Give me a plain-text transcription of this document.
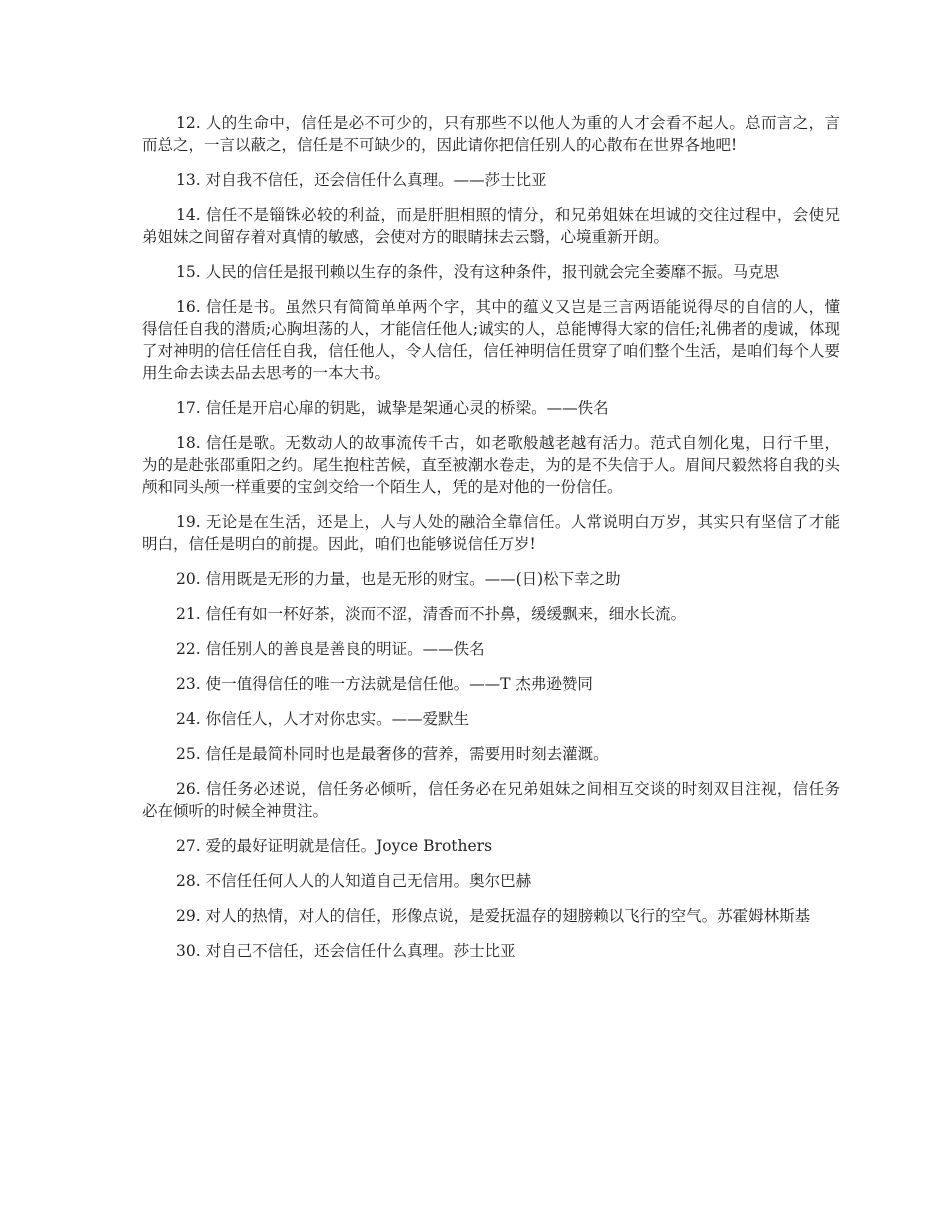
12. 人的生命中，信任是必不可少的，只有那些不以他人为重的人才会看不起人。总而言之，言而总之，一言以蔽之，信任是不可缺少的，因此请你把信任别人的心散布在世界各地吧!

13. 对自我不信任，还会信任什么真理。——莎士比亚

14. 信任不是锱铢必较的利益，而是肝胆相照的情分，和兄弟姐妹在坦诚的交往过程中，会使兄弟姐妹之间留存着对真情的敏感，会使对方的眼睛抹去云翳，心境重新开朗。

15. 人民的信任是报刊赖以生存的条件，没有这种条件，报刊就会完全萎靡不振。马克思

16. 信任是书。虽然只有简简单单两个字，其中的蕴义又岂是三言两语能说得尽的自信的人，懂得信任自我的潜质;心胸坦荡的人，才能信任他人;诚实的人，总能博得大家的信任;礼佛者的虔诚，体现了对神明的信任信任自我，信任他人，令人信任，信任神明信任贯穿了咱们整个生活，是咱们每个人要用生命去读去品去思考的一本大书。

17. 信任是开启心扉的钥匙，诚挚是架通心灵的桥梁。——佚名

18. 信任是歌。无数动人的故事流传千古，如老歌般越老越有活力。范式自刎化鬼，日行千里，为的是赴张邵重阳之约。尾生抱柱苦候，直至被潮水卷走，为的是不失信于人。眉间尺毅然将自我的头颅和同头颅一样重要的宝剑交给一个陌生人，凭的是对他的一份信任。

19. 无论是在生活，还是上，人与人处的融洽全靠信任。人常说明白万岁，其实只有坚信了才能明白，信任是明白的前提。因此，咱们也能够说信任万岁!

20. 信用既是无形的力量，也是无形的财宝。——(日)松下幸之助

21. 信任有如一杯好茶，淡而不涩，清香而不扑鼻，缓缓飘来，细水长流。

22. 信任别人的善良是善良的明证。——佚名

23. 使一值得信任的唯一方法就是信任他。——T 杰弗逊赞同

24. 你信任人，人才对你忠实。——爱默生

25. 信任是最简朴同时也是最奢侈的营养，需要用时刻去灌溉。

26. 信任务必述说，信任务必倾听，信任务必在兄弟姐妹之间相互交谈的时刻双目注视，信任务必在倾听的时候全神贯注。

27. 爱的最好证明就是信任。Joyce Brothers

28. 不信任任何人人的人知道自己无信用。奥尔巴赫

29. 对人的热情，对人的信任，形像点说，是爱抚温存的翅膀赖以飞行的空气。苏霍姆林斯基

30. 对自己不信任，还会信任什么真理。莎士比亚
